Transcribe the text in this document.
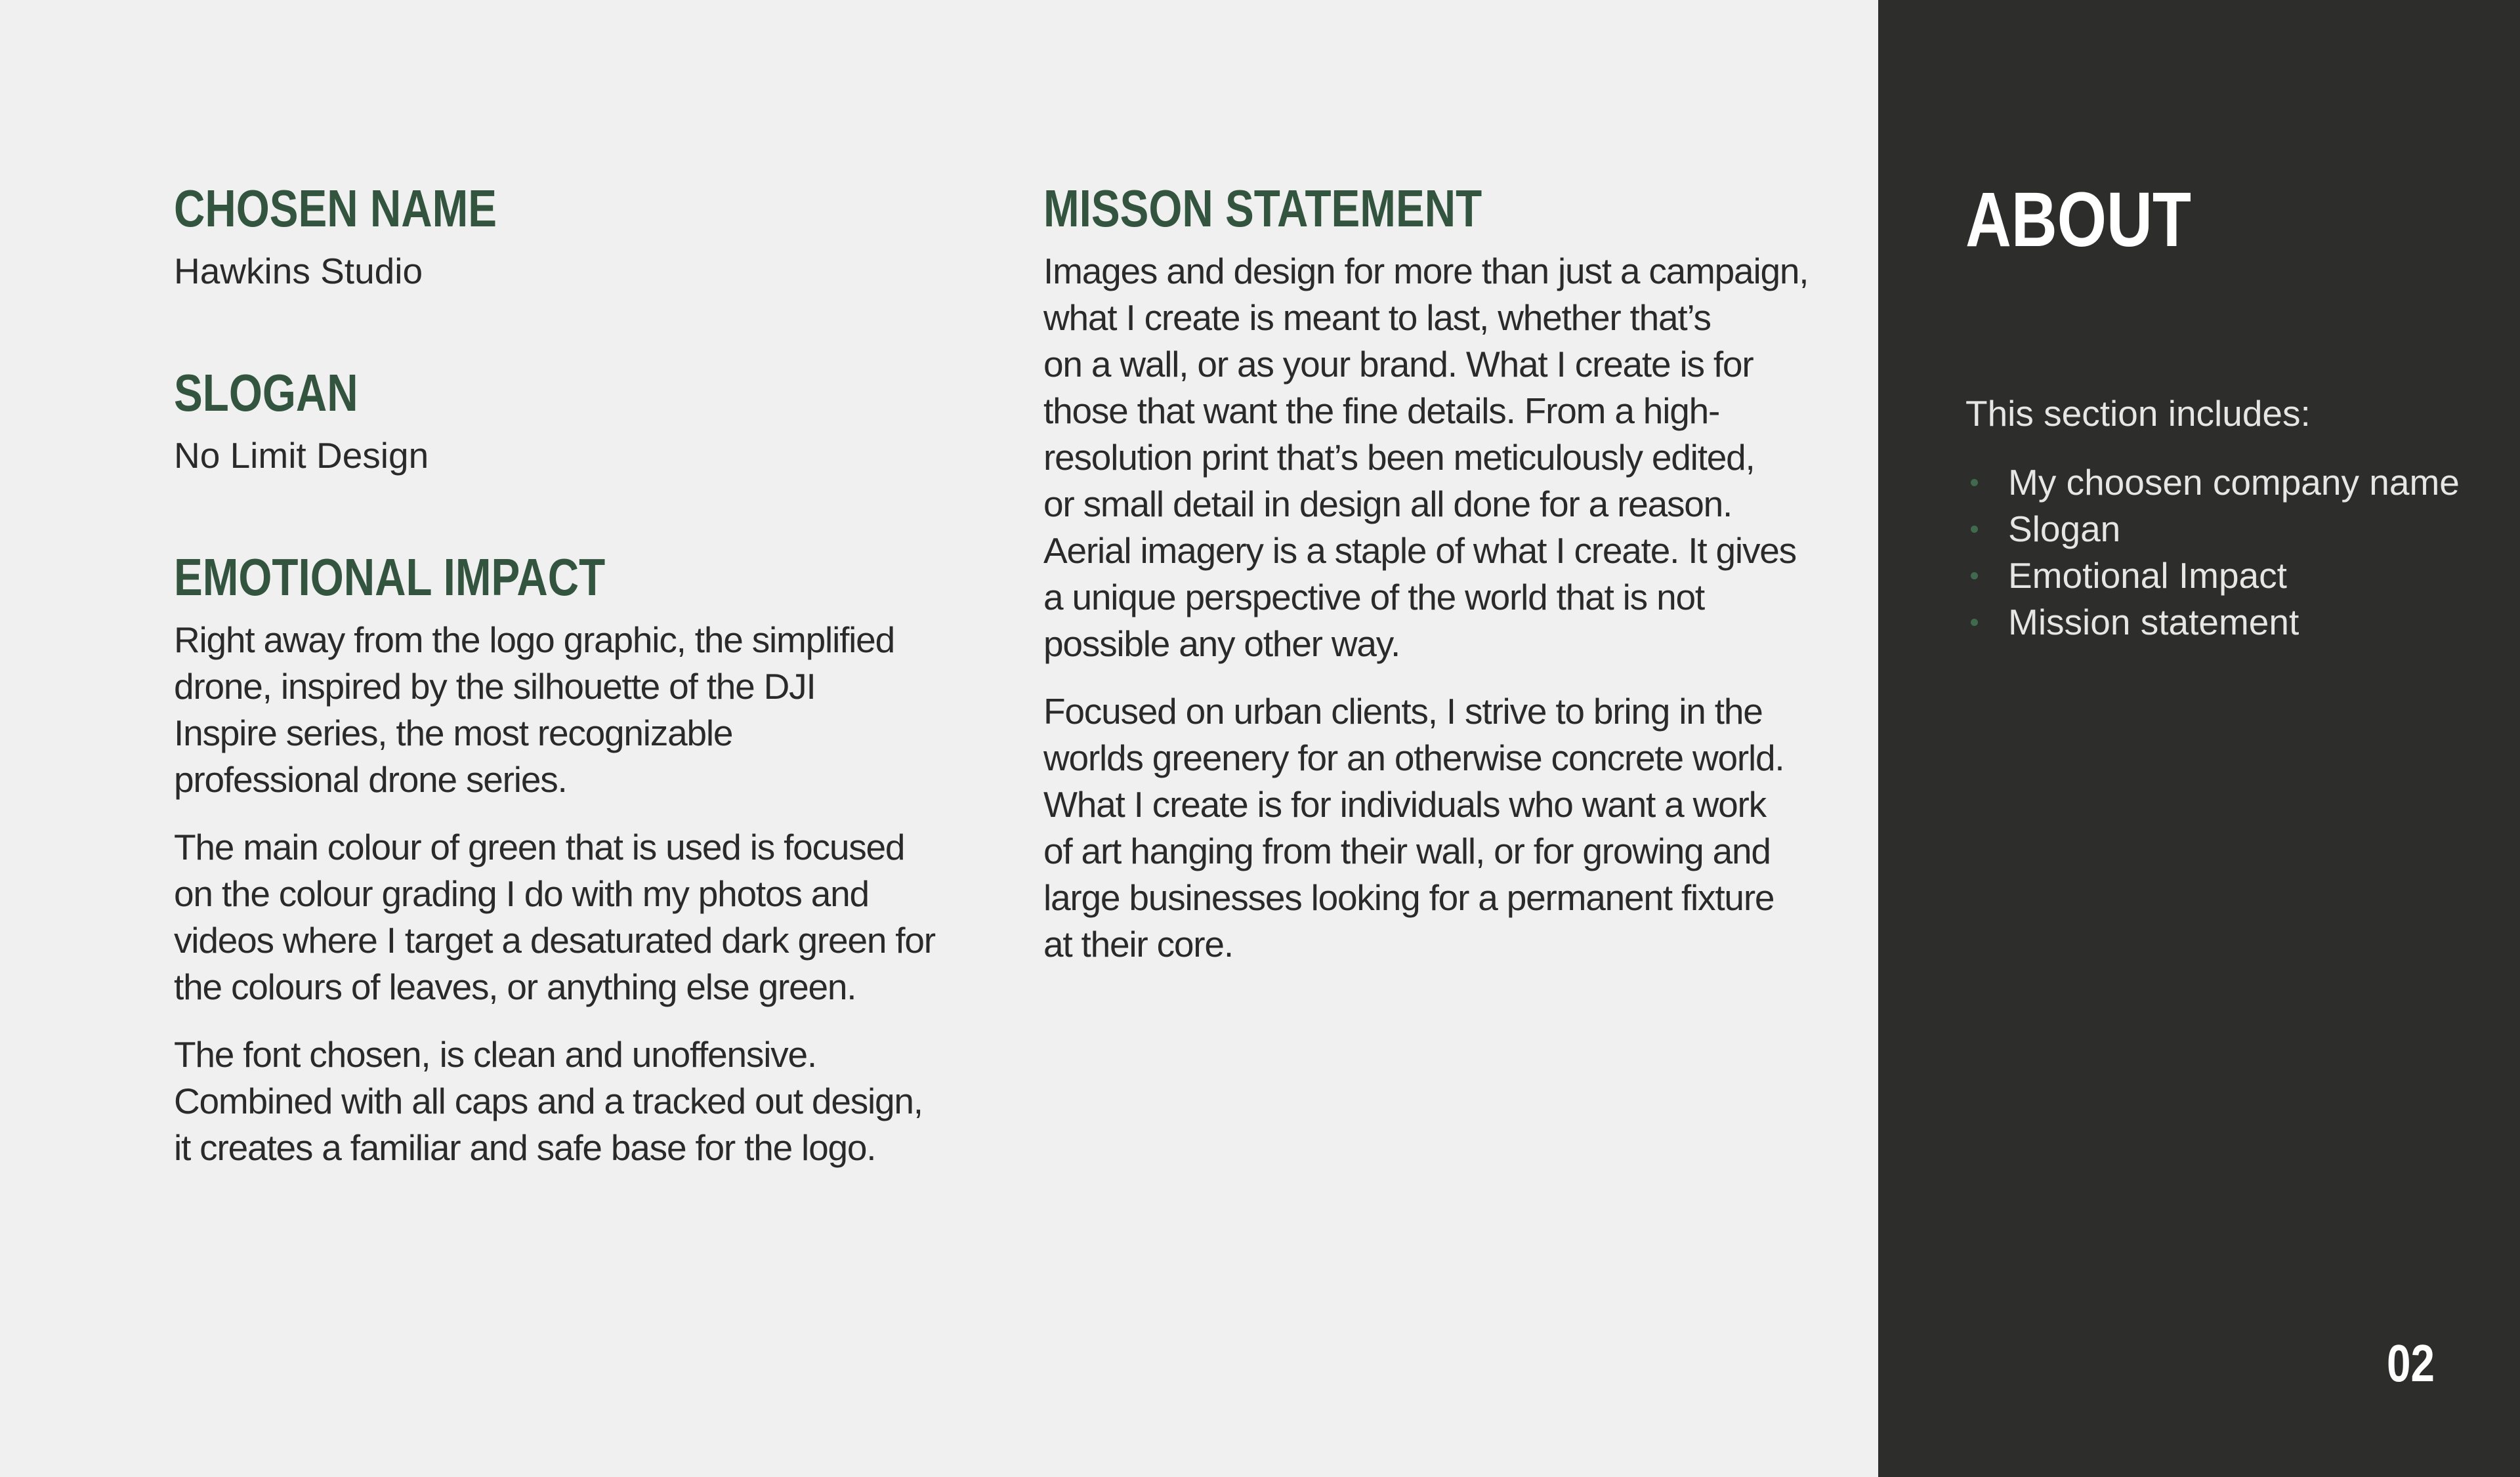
CHOSEN NAME

Hawkins Studio

SLOGAN

No Limit Design

EMOTIONAL IMPACT

Right away from the logo graphic, the simplified
drone, inspired by the silhouette of the DJI
Inspire series, the most recognizable
professional drone series.

The main colour of green that is used is focused
on the colour grading I do with my photos and
videos where I target a desaturated dark green for
the colours of leaves, or anything else green.

The font chosen, is clean and unoffensive.
Combined with all caps and a tracked out design,
it creates a familiar and safe base for the logo.

MISSON STATEMENT

Images and design for more than just a campaign,
what I create is meant to last, whether that’s
on a wall, or as your brand. What I create is for
those that want the fine details. From a high-
resolution print that’s been meticulously edited,
or small detail in design all done for a reason.
Aerial imagery is a staple of what I create. It gives
a unique perspective of the world that is not
possible any other way.

Focused on urban clients, I strive to bring in the
worlds greenery for an otherwise concrete world.
What I create is for individuals who want a work
of art hanging from their wall, or for growing and
large businesses looking for a permanent fixture
at their core.

ABOUT

This section includes:

My choosen company name
Slogan
Emotional Impact
Mission statement

02
